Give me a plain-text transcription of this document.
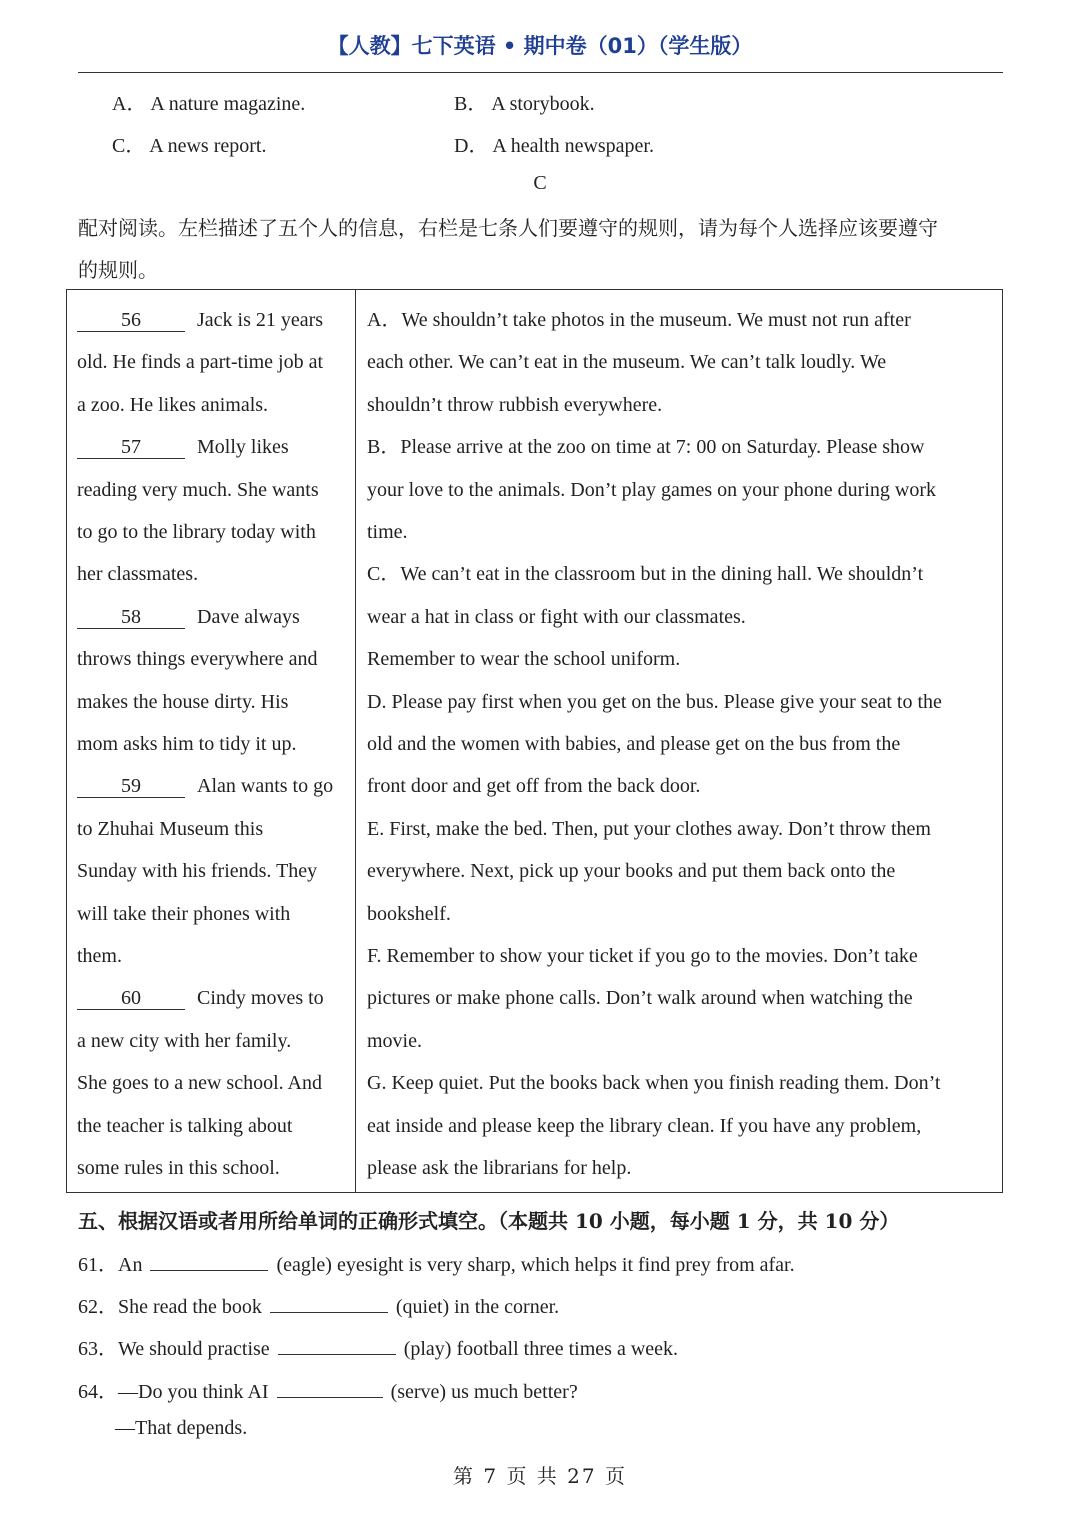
【人教】七下英语 • 期中卷（01）（学生版）
A． A nature magazine.	B． A storybook.
C． A news report.	D． A health newspaper.
C
配对阅读。左栏描述了五个人的信息，右栏是七条人们要遵守的规则，请为每个人选择应该要遵守
的规则。
56	Jack is 21 years
old. He finds a part-time job at
a zoo. He likes animals.
57	Molly likes
reading very much. She wants
to go to the library today with
her classmates.
58	Dave always
throws things everywhere and
makes the house dirty. His
mom asks him to tidy it up.
59	Alan wants to go
to Zhuhai Museum this
Sunday with his friends. They
will take their phones with
them.
60	Cindy moves to
a new city with her family.
She goes to a new school. And
the teacher is talking about
some rules in this school.
A．We shouldn’t take photos in the museum. We must not run after
each other. We can’t eat in the museum. We can’t talk loudly. We
shouldn’t throw rubbish everywhere.
B．Please arrive at the zoo on time at 7: 00 on Saturday. Please show
your love to the animals. Don’t play games on your phone during work
time.
C．We can’t eat in the classroom but in the dining hall. We shouldn’t
wear a hat in class or fight with our classmates.
Remember to wear the school uniform.
D. Please pay first when you get on the bus. Please give your seat to the
old and the women with babies, and please get on the bus from the
front door and get off from the back door.
E. First, make the bed. Then, put your clothes away. Don’t throw them
everywhere. Next, pick up your books and put them back onto the
bookshelf.
F. Remember to show your ticket if you go to the movies. Don’t take
pictures or make phone calls. Don’t walk around when watching the
movie.
G. Keep quiet. Put the books back when you finish reading them. Don’t
eat inside and please keep the library clean. If you have any problem,
please ask the librarians for help.
五、根据汉语或者用所给单词的正确形式填空。（本题共 10 小题，每小题 1 分，共 10 分）
61．An	(eagle) eyesight is very sharp, which helps it find prey from afar.
62．She read the book	(quiet) in the corner.
63．We should practise	(play) football three times a week.
64．—Do you think AI	(serve) us much better?
—That depends.
第 7 页 共 27 页
